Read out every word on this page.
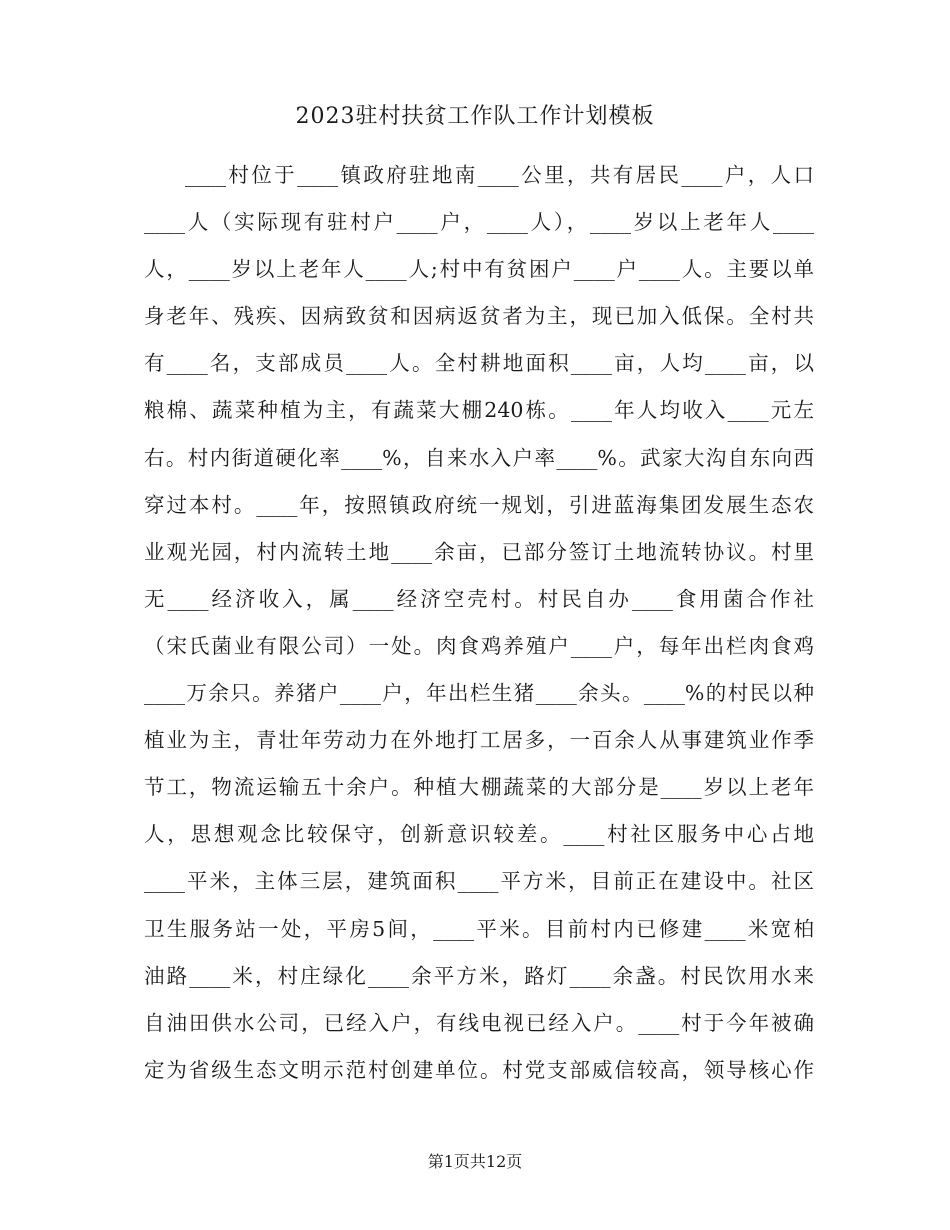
2023驻村扶贫工作队工作计划模板
____村位于____镇政府驻地南____公里，共有居民____户，人口
____人（实际现有驻村户____户，____人），____岁以上老年人____
人，____岁以上老年人____人;村中有贫困户____户____人。主要以单
身老年、残疾、因病致贫和因病返贫者为主，现已加入低保。全村共
有____名，支部成员____人。全村耕地面积____亩，人均____亩，以
粮棉、蔬菜种植为主，有蔬菜大棚240栋。____年人均收入____元左
右。村内街道硬化率____%，自来水入户率____%。武家大沟自东向西
穿过本村。____年，按照镇政府统一规划，引进蓝海集团发展生态农
业观光园，村内流转土地____余亩，已部分签订土地流转协议。村里
无____经济收入，属____经济空壳村。村民自办____食用菌合作社
（宋氏菌业有限公司）一处。肉食鸡养殖户____户，每年出栏肉食鸡
____万余只。养猪户____户，年出栏生猪____余头。____%的村民以种
植业为主，青壮年劳动力在外地打工居多，一百余人从事建筑业作季
节工，物流运输五十余户。种植大棚蔬菜的大部分是____岁以上老年
人，思想观念比较保守，创新意识较差。____村社区服务中心占地
____平米，主体三层，建筑面积____平方米，目前正在建设中。社区
卫生服务站一处，平房5间，____平米。目前村内已修建____米宽柏
油路____米，村庄绿化____余平方米，路灯____余盏。村民饮用水来
自油田供水公司，已经入户，有线电视已经入户。____村于今年被确
定为省级生态文明示范村创建单位。村党支部威信较高，领导核心作
第1页共12页
